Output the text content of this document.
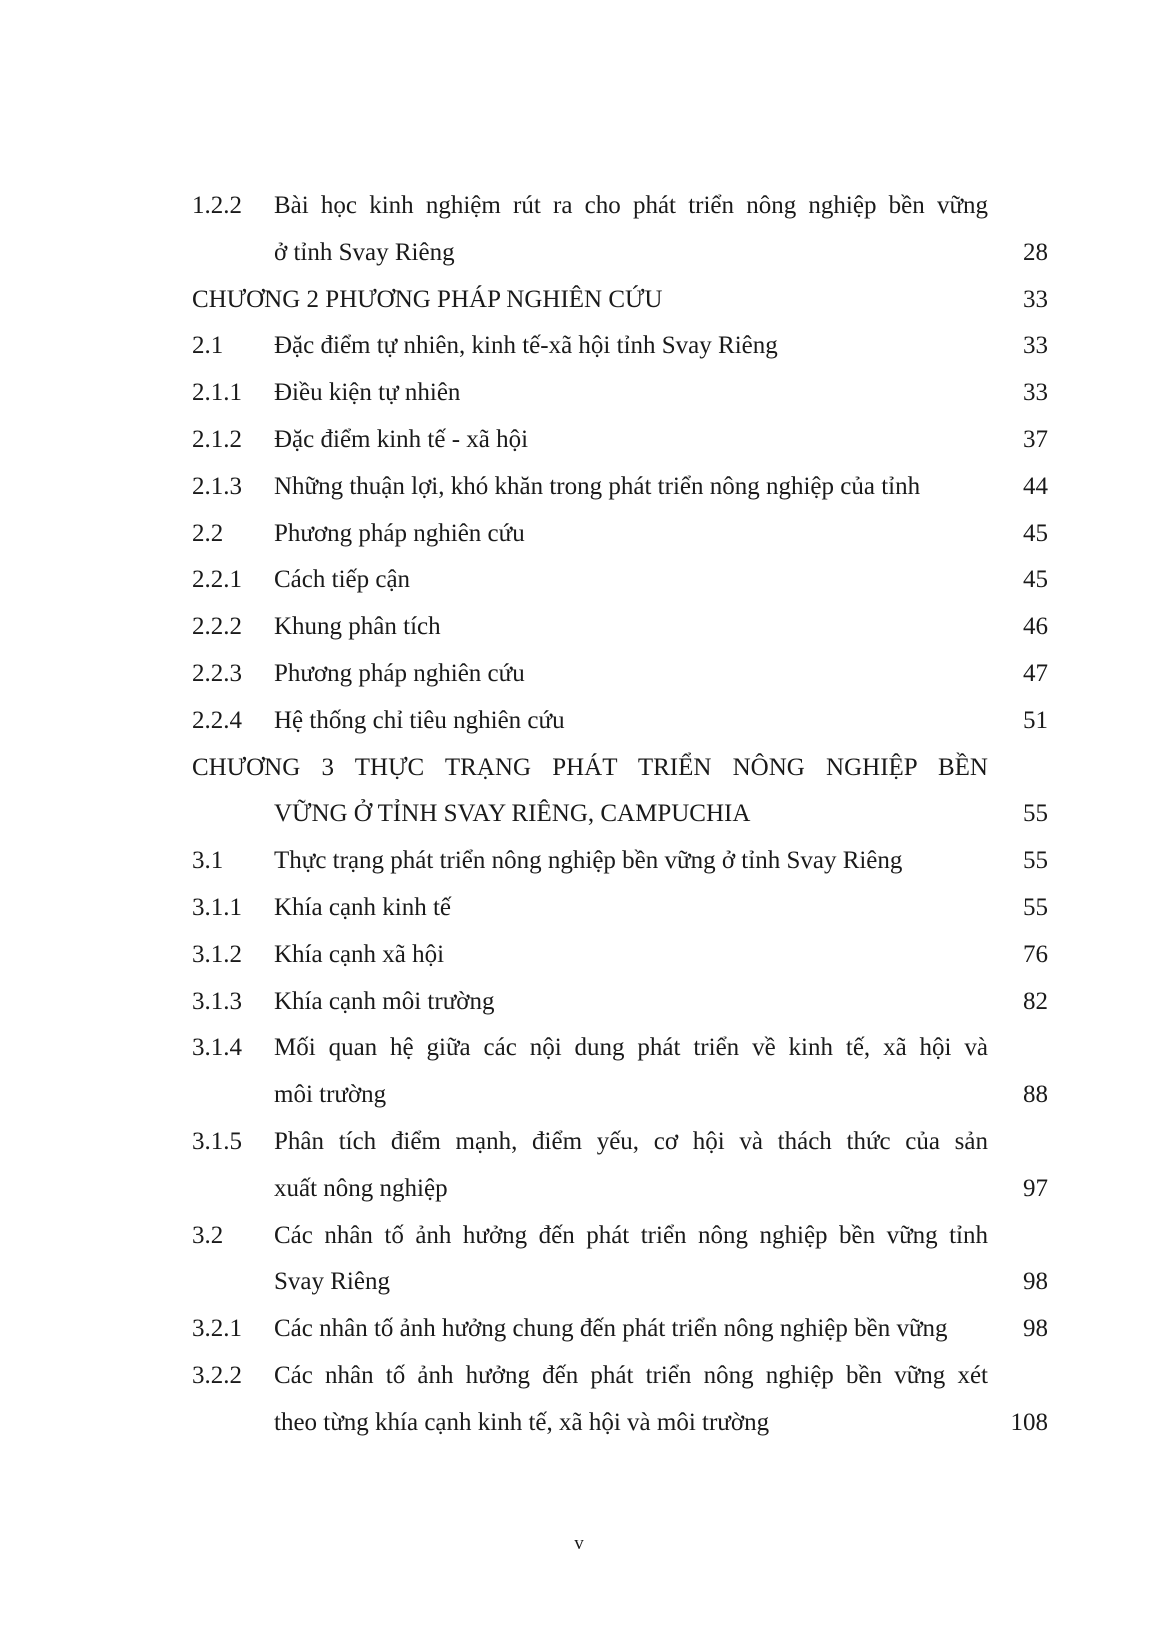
1.2.2	Bài học kinh nghiệm rút ra cho phát triển nông nghiệp bền vững
ở tỉnh Svay Riêng	28
CHƯƠNG 2 PHƯƠNG PHÁP NGHIÊN CỨU	33
2.1	Đặc điểm tự nhiên, kinh tế-xã hội tỉnh Svay Riêng	33
2.1.1	Điều kiện tự nhiên	33
2.1.2	Đặc điểm kinh tế - xã hội	37
2.1.3	Những thuận lợi, khó khăn trong phát triển nông nghiệp của tỉnh	44
2.2	Phương pháp nghiên cứu	45
2.2.1	Cách tiếp cận	45
2.2.2	Khung phân tích	46
2.2.3	Phương pháp nghiên cứu	47
2.2.4	Hệ thống chỉ tiêu nghiên cứu	51
CHƯƠNG 3 THỰC TRẠNG PHÁT TRIỂN NÔNG NGHIỆP BỀN
VỮNG Ở TỈNH SVAY RIÊNG, CAMPUCHIA	55
3.1	Thực trạng phát triển nông nghiệp bền vững ở tỉnh Svay Riêng	55
3.1.1	Khía cạnh kinh tế	55
3.1.2	Khía cạnh xã hội	76
3.1.3	Khía cạnh môi trường	82
3.1.4	Mối quan hệ giữa các nội dung phát triển về kinh tế, xã hội và
môi trường	88
3.1.5	Phân tích điểm mạnh, điểm yếu, cơ hội và thách thức của sản
xuất nông nghiệp	97
3.2	Các nhân tố ảnh hưởng đến phát triển nông nghiệp bền vững tỉnh
Svay Riêng	98
3.2.1	Các nhân tố ảnh hưởng chung đến phát triển nông nghiệp bền vững	98
3.2.2	Các nhân tố ảnh hưởng đến phát triển nông nghiệp bền vững xét
theo từng khía cạnh kinh tế, xã hội và môi trường	108
v
